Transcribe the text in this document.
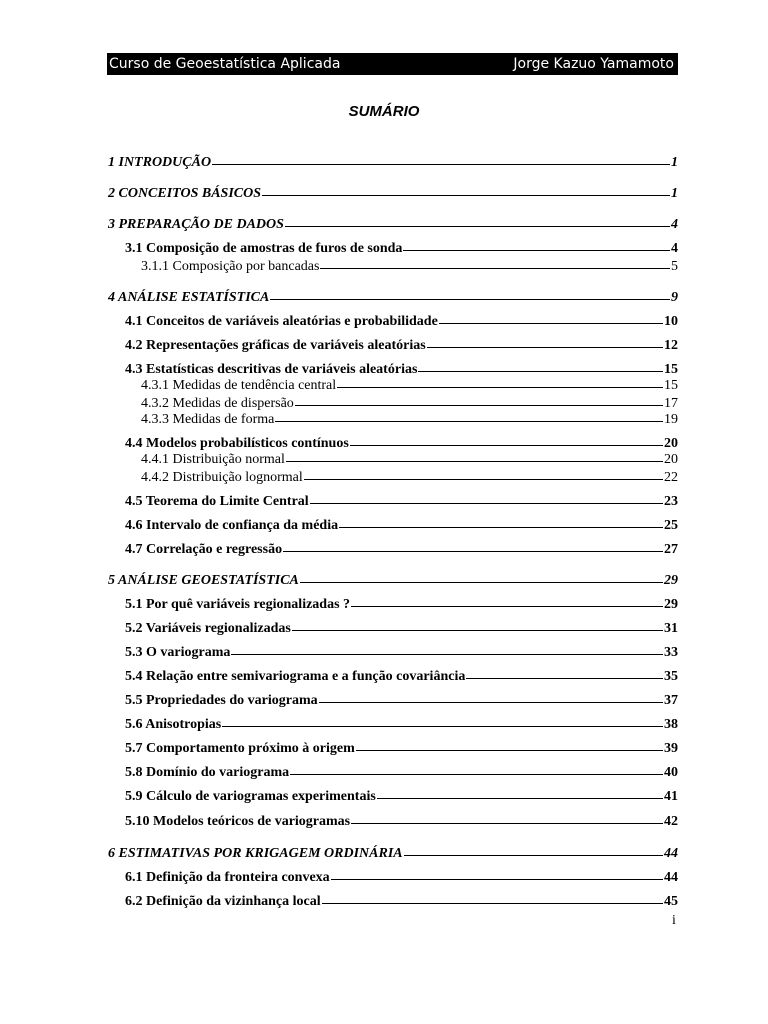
Curso de Geoestatística Aplicada	Jorge Kazuo Yamamoto
SUMÁRIO
1 INTRODUÇÃO	1
2 CONCEITOS BÁSICOS	1
3 PREPARAÇÃO DE DADOS	4
3.1 Composição de amostras de furos de sonda	4
3.1.1 Composição por bancadas	5
4 ANÁLISE ESTATÍSTICA	9
4.1 Conceitos de variáveis aleatórias e probabilidade	10
4.2 Representações gráficas de variáveis aleatórias	12
4.3 Estatísticas descritivas de variáveis aleatórias	15
4.3.1 Medidas de tendência central	15
4.3.2 Medidas de dispersão	17
4.3.3 Medidas de forma	19
4.4 Modelos probabilísticos contínuos	20
4.4.1 Distribuição normal	20
4.4.2 Distribuição lognormal	22
4.5 Teorema do Limite Central	23
4.6 Intervalo de confiança da média	25
4.7 Correlação e regressão	27
5 ANÁLISE GEOESTATÍSTICA	29
5.1 Por quê variáveis regionalizadas ?	29
5.2 Variáveis regionalizadas	31
5.3 O variograma	33
5.4 Relação entre semivariograma e a função covariância	35
5.5 Propriedades do variograma	37
5.6 Anisotropias	38
5.7 Comportamento próximo à origem	39
5.8 Domínio do variograma	40
5.9 Cálculo de variogramas experimentais	41
5.10 Modelos teóricos de variogramas	42
6 ESTIMATIVAS POR KRIGAGEM ORDINÁRIA	44
6.1 Definição da fronteira convexa	44
6.2 Definição da vizinhança local	45
i
